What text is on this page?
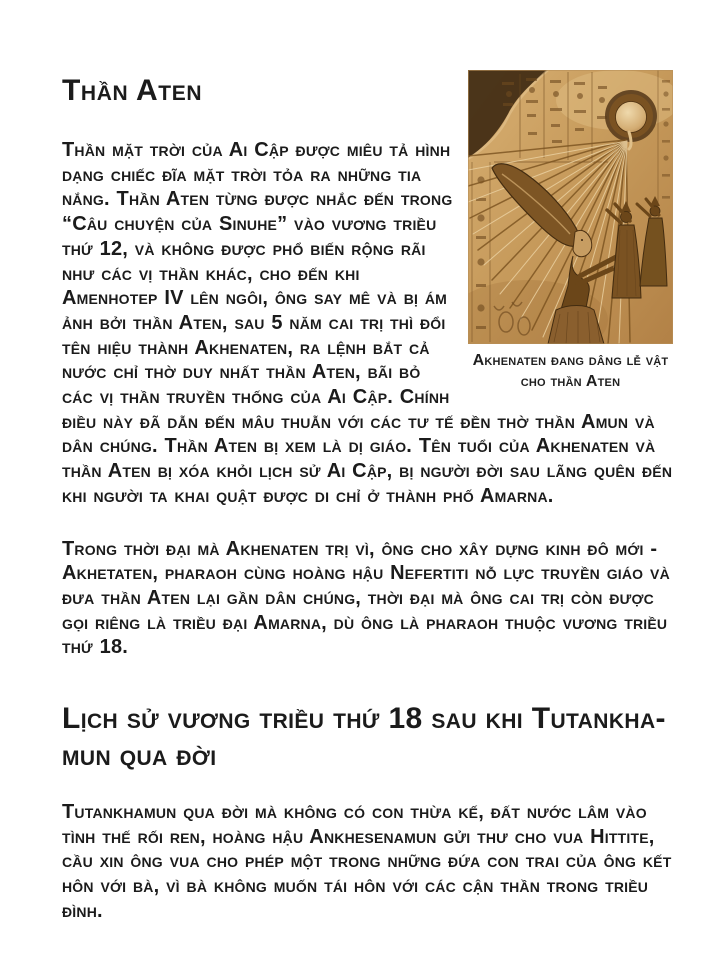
Akhenaten đang dâng lễ vật cho thần Aten
Thần Aten

Thần mặt trời của Ai Cập được miêu tả hình dạng chiếc đĩa mặt trời tỏa ra những tia nắng. Thần Aten từng được nhắc đến trong “Câu chuyện của Sinuhe” vào vương triều thứ 12, và không được phổ biến rộng rãi như các vị thần khác, cho đến khi Amenhotep IV lên ngôi, ông say mê và bị ám ảnh bởi thần Aten, sau 5 năm cai trị thì đổi tên hiệu thành Akhenaten, ra lệnh bắt cả nước chỉ thờ duy nhất thần Aten, bãi bỏ các vị thần truyền thống của Ai Cập. Chính điều này đã dẫn đến mâu thuẫn với các tư tế đền thờ thần Amun và dân chúng. Thần Aten bị xem là dị giáo. Tên tuổi của Akhenaten và thần Aten bị xóa khỏi lịch sử Ai Cập, bị người đời sau lãng quên đến khi người ta khai quật được di chỉ ở thành phố Amarna.

Trong thời đại mà Akhenaten trị vì, ông cho xây dựng kinh đô mới - Akhetaten, pharaoh cùng hoàng hậu Nefertiti nỗ lực truyền giáo và đưa thần Aten lại gần dân chúng, thời đại mà ông cai trị còn được gọi riêng là triều đại Amarna, dù ông là pharaoh thuộc vương triều thứ 18.

Lịch sử vương triều thứ 18 sau khi Tutankhamun qua đời

Tutankhamun qua đời mà không có con thừa kế, đất nước lâm vào tình thế rối ren, hoàng hậu Ankhesenamun gửi thư cho vua Hittite, cầu xin ông vua cho phép một trong những đứa con trai của ông kết hôn với bà, vì bà không muốn tái hôn với các cận thần trong triều đình.
